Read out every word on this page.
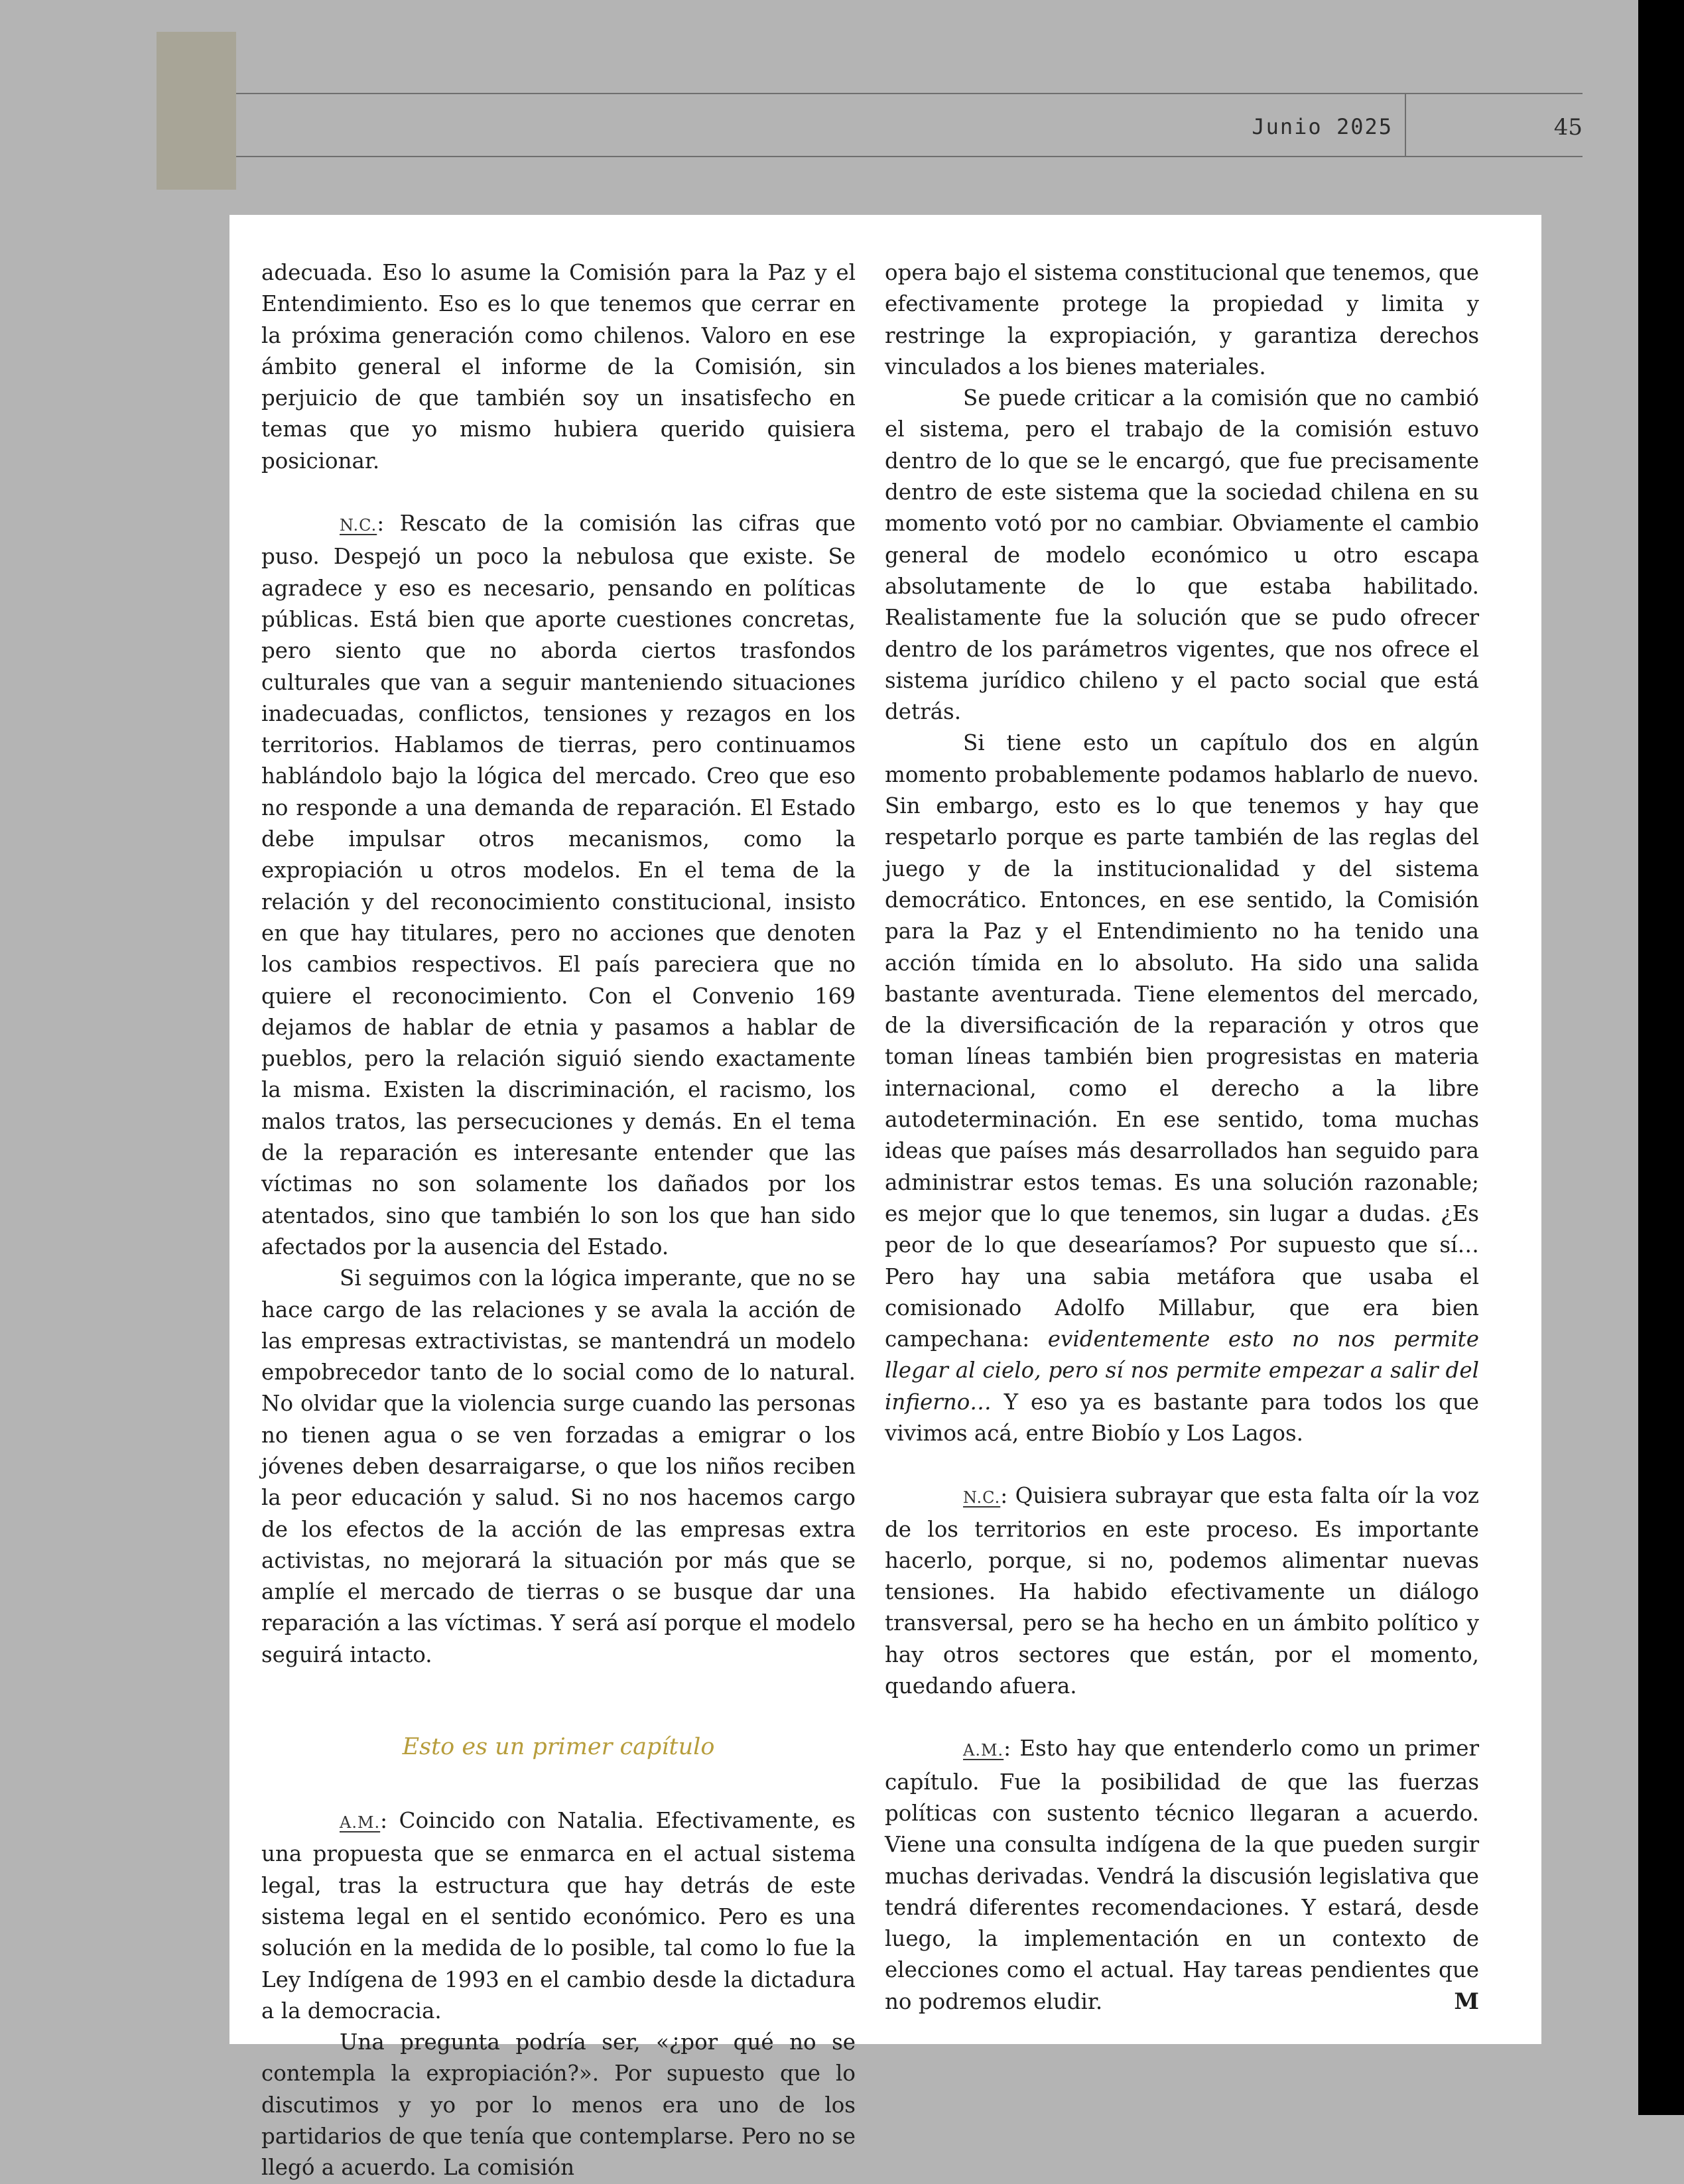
Junio 2025	45

adecuada. Eso lo asume la Comisión para la Paz y el Entendimiento. Eso es lo que tenemos que cerrar en la próxima generación como chilenos. Valoro en ese ámbito general el informe de la Comisión, sin perjuicio de que también soy un insatisfecho en temas que yo mismo hubiera querido quisiera posicionar.

N.C.: Rescato de la comisión las cifras que puso. Despejó un poco la nebulosa que existe. Se agradece y eso es necesario, pensando en políticas públicas. Está bien que aporte cuestiones concretas, pero siento que no aborda ciertos trasfondos culturales que van a seguir manteniendo situaciones inadecuadas, conflictos, tensiones y rezagos en los territorios. Hablamos de tierras, pero continuamos hablándolo bajo la lógica del mercado. Creo que eso no responde a una demanda de reparación. El Estado debe impulsar otros mecanismos, como la expropiación u otros modelos. En el tema de la relación y del reconocimiento constitucional, insisto en que hay titulares, pero no acciones que denoten los cambios respectivos. El país pareciera que no quiere el reconocimiento. Con el Convenio 169 dejamos de hablar de etnia y pasamos a hablar de pueblos, pero la relación siguió siendo exactamente la misma. Existen la discriminación, el racismo, los malos tratos, las persecuciones y demás. En el tema de la reparación es interesante entender que las víctimas no son solamente los dañados por los atentados, sino que también lo son los que han sido afectados por la ausencia del Estado.

Si seguimos con la lógica imperante, que no se hace cargo de las relaciones y se avala la acción de las empresas extractivistas, se mantendrá un modelo empobrecedor tanto de lo social como de lo natural. No olvidar que la violencia surge cuando las personas no tienen agua o se ven forzadas a emigrar o los jóvenes deben desarraigarse, o que los niños reciben la peor educación y salud. Si no nos hacemos cargo de los efectos de la acción de las empresas extra activistas, no mejorará la situación por más que se amplíe el mercado de tierras o se busque dar una reparación a las víctimas. Y será así porque el modelo seguirá intacto.

Esto es un primer capítulo

A.M.: Coincido con Natalia. Efectivamente, es una propuesta que se enmarca en el actual sistema legal, tras la estructura que hay detrás de este sistema legal en el sentido económico. Pero es una solución en la medida de lo posible, tal como lo fue la Ley Indígena de 1993 en el cambio desde la dictadura a la democracia.

Una pregunta podría ser, «¿por qué no se contempla la expropiación?». Por supuesto que lo discutimos y yo por lo menos era uno de los partidarios de que tenía que contemplarse. Pero no se llegó a acuerdo. La comisión

opera bajo el sistema constitucional que tenemos, que efectivamente protege la propiedad y limita y restringe la expropiación, y garantiza derechos vinculados a los bienes materiales.

Se puede criticar a la comisión que no cambió el sistema, pero el trabajo de la comisión estuvo dentro de lo que se le encargó, que fue precisamente dentro de este sistema que la sociedad chilena en su momento votó por no cambiar. Obviamente el cambio general de modelo económico u otro escapa absolutamente de lo que estaba habilitado. Realistamente fue la solución que se pudo ofrecer dentro de los parámetros vigentes, que nos ofrece el sistema jurídico chileno y el pacto social que está detrás.

Si tiene esto un capítulo dos en algún momento probablemente podamos hablarlo de nuevo. Sin embargo, esto es lo que tenemos y hay que respetarlo porque es parte también de las reglas del juego y de la institucionalidad y del sistema democrático. Entonces, en ese sentido, la Comisión para la Paz y el Entendimiento no ha tenido una acción tímida en lo absoluto. Ha sido una salida bastante aventurada. Tiene elementos del mercado, de la diversificación de la reparación y otros que toman líneas también bien progresistas en materia internacional, como el derecho a la libre autodeterminación. En ese sentido, toma muchas ideas que países más desarrollados han seguido para administrar estos temas. Es una solución razonable; es mejor que lo que tenemos, sin lugar a dudas. ¿Es peor de lo que desearíamos? Por supuesto que sí… Pero hay una sabia metáfora que usaba el comisionado Adolfo Millabur, que era bien campechana: evidentemente esto no nos permite llegar al cielo, pero sí nos permite empezar a salir del infierno… Y eso ya es bastante para todos los que vivimos acá, entre Biobío y Los Lagos.

N.C.: Quisiera subrayar que esta falta oír la voz de los territorios en este proceso. Es importante hacerlo, porque, si no, podemos alimentar nuevas tensiones. Ha habido efectivamente un diálogo transversal, pero se ha hecho en un ámbito político y hay otros sectores que están, por el momento, quedando afuera.

A.M.: Esto hay que entenderlo como un primer capítulo. Fue la posibilidad de que las fuerzas políticas con sustento técnico llegaran a acuerdo. Viene una consulta indígena de la que pueden surgir muchas derivadas. Vendrá la discusión legislativa que tendrá diferentes recomendaciones. Y estará, desde luego, la implementación en un contexto de elecciones como el actual. Hay tareas pendientes que no podremos eludir.	M
